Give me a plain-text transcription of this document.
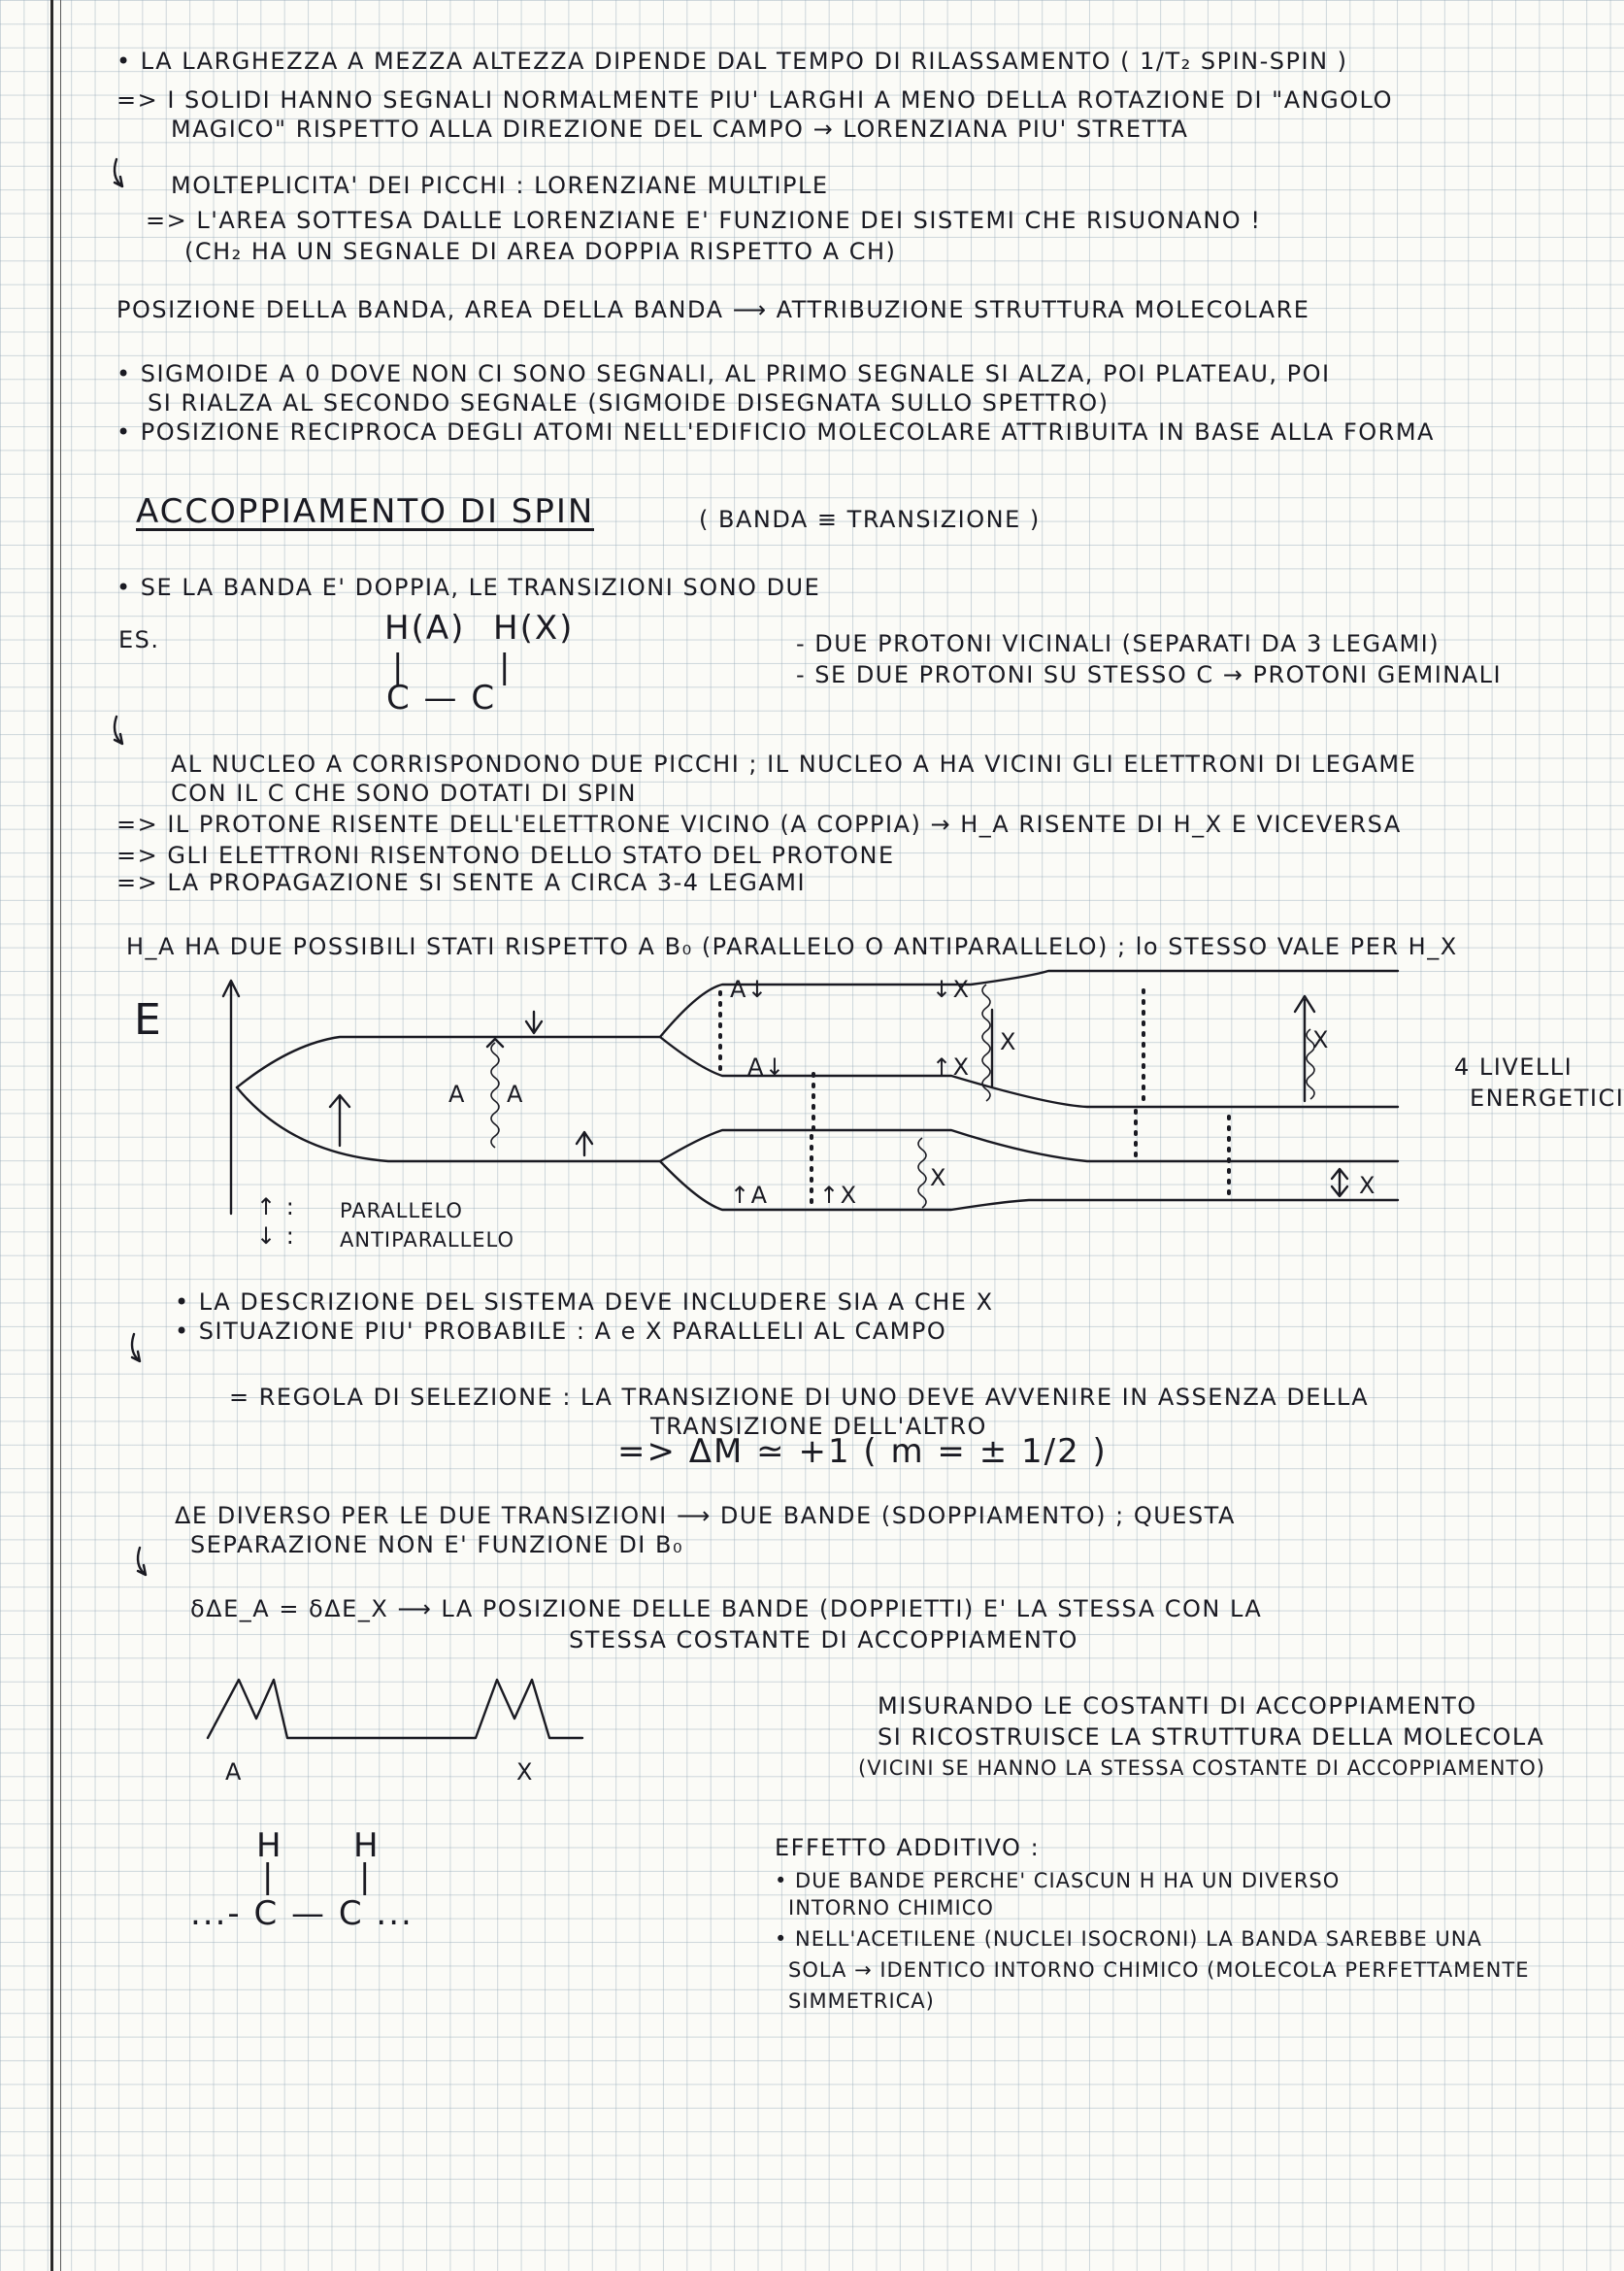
• LA LARGHEZZA A MEZZA ALTEZZA DIPENDE DAL TEMPO DI RILASSAMENTO ( 1/T₂ SPIN-SPIN )
=> I SOLIDI HANNO SEGNALI NORMALMENTE PIU' LARGHI A MENO DELLA ROTAZIONE DI "ANGOLO
MAGICO" RISPETTO ALLA DIREZIONE DEL CAMPO → LORENZIANA PIU' STRETTA
MOLTEPLICITA' DEI PICCHI : LORENZIANE MULTIPLE
=> L'AREA SOTTESA DALLE LORENZIANE E' FUNZIONE DEI SISTEMI CHE RISUONANO !
(CH₂ HA UN SEGNALE DI AREA DOPPIA RISPETTO A CH)
POSIZIONE DELLA BANDA, AREA DELLA BANDA ⟶ ATTRIBUZIONE STRUTTURA MOLECOLARE
• SIGMOIDE A 0 DOVE NON CI SONO SEGNALI, AL PRIMO SEGNALE SI ALZA, POI PLATEAU, POI
SI RIALZA AL SECONDO SEGNALE (SIGMOIDE DISEGNATA SULLO SPETTRO)
• POSIZIONE RECIPROCA DEGLI ATOMI NELL'EDIFICIO MOLECOLARE ATTRIBUITA IN BASE ALLA FORMA
ACCOPPIAMENTO DI SPIN	( BANDA ≡ TRANSIZIONE )
• SE LA BANDA E' DOPPIA, LE TRANSIZIONI SONO DUE
ES.	H(A) H(X)
|	|
C — C
- DUE PROTONI VICINALI (SEPARATI DA 3 LEGAMI)
- SE DUE PROTONI SU STESSO C → PROTONI GEMINALI
AL NUCLEO A CORRISPONDONO DUE PICCHI ; IL NUCLEO A HA VICINI GLI ELETTRONI DI LEGAME
CON IL C CHE SONO DOTATI DI SPIN
=> IL PROTONE RISENTE DELL'ELETTRONE VICINO (A COPPIA) → H_A RISENTE DI H_X E VICEVERSA
=> GLI ELETTRONI RISENTONO DELLO STATO DEL PROTONE
=> LA PROPAGAZIONE SI SENTE A CIRCA 3-4 LEGAMI
H_A HA DUE POSSIBILI STATI RISPETTO A B₀ (PARALLELO O ANTIPARALLELO) ; lo STESSO VALE PER H_X
E
A A
A↓	↓X
A↓	↑X
X	X
↑A ↑X
X	X
4 LIVELLI
ENERGETICI
↑ : PARALLELO
↓ : ANTIPARALLELO
• LA DESCRIZIONE DEL SISTEMA DEVE INCLUDERE SIA A CHE X
• SITUAZIONE PIU' PROBABILE : A e X PARALLELI AL CAMPO
= REGOLA DI SELEZIONE : LA TRANSIZIONE DI UNO DEVE AVVENIRE IN ASSENZA DELLA
TRANSIZIONE DELL'ALTRO
=> ΔM ≃ +1 ( m = ± 1/2 )
ΔE DIVERSO PER LE DUE TRANSIZIONI ⟶ DUE BANDE (SDOPPIAMENTO) ; QUESTA
SEPARAZIONE NON E' FUNZIONE DI B₀
δΔE_A = δΔE_X ⟶ LA POSIZIONE DELLE BANDE (DOPPIETTI) E' LA STESSA CON LA
STESSA COSTANTE DI ACCOPPIAMENTO
A	X
MISURANDO LE COSTANTI DI ACCOPPIAMENTO
SI RICOSTRUISCE LA STRUTTURA DELLA MOLECOLA
(VICINI SE HANNO LA STESSA COSTANTE DI ACCOPPIAMENTO)
H H
|	|
...- C — C ...
EFFETTO ADDITIVO :
• DUE BANDE PERCHE' CIASCUN H HA UN DIVERSO
INTORNO CHIMICO
• NELL'ACETILENE (NUCLEI ISOCRONI) LA BANDA SAREBBE UNA
SOLA → IDENTICO INTORNO CHIMICO (MOLECOLA PERFETTAMENTE
SIMMETRICA)
